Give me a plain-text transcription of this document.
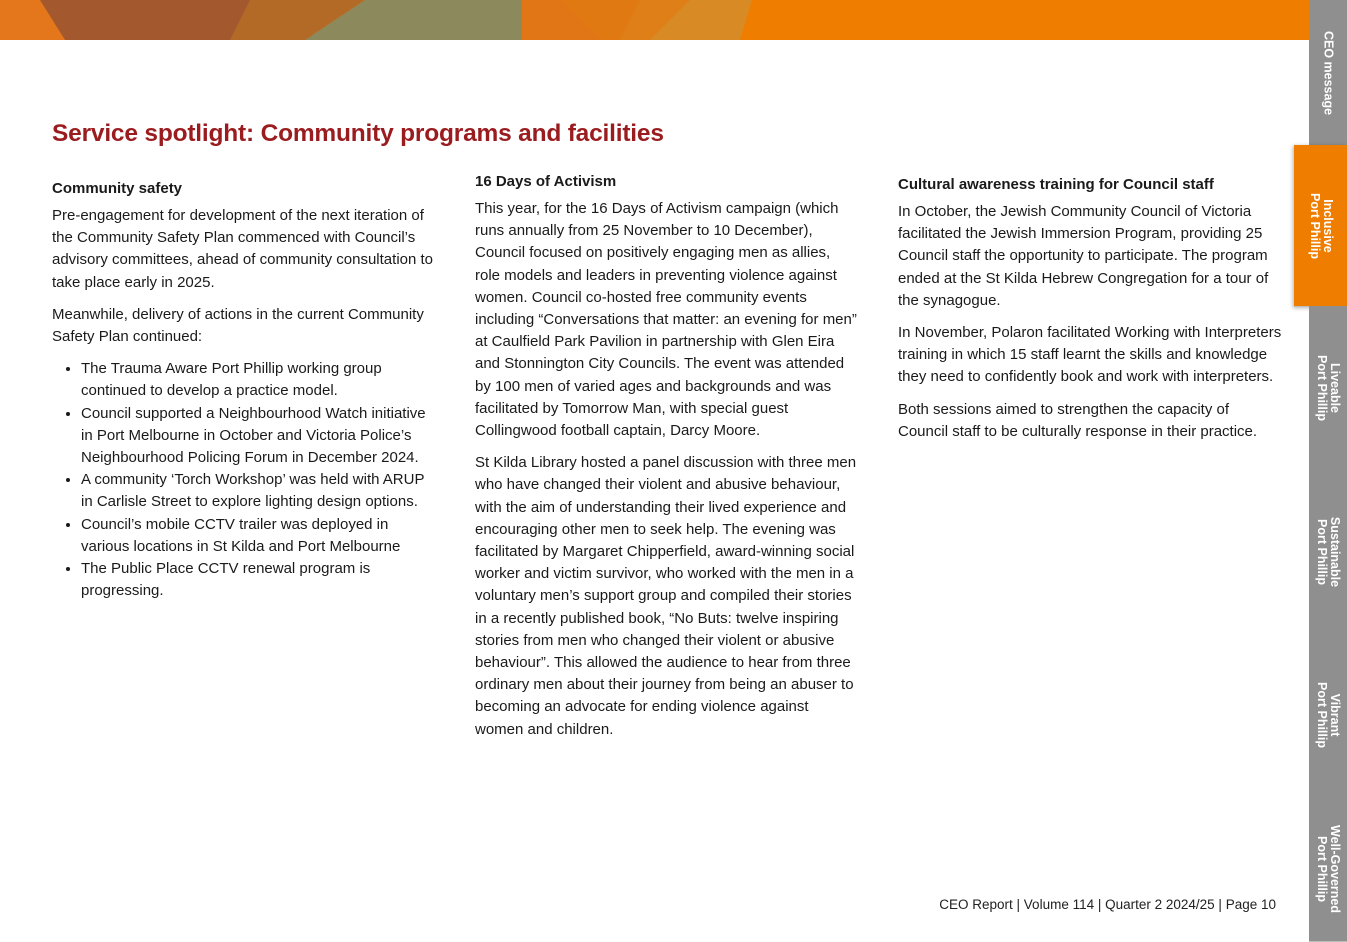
Service spotlight: Community programs and facilities
Community safety

Pre-engagement for development of the next iteration of the Community Safety Plan commenced with Council’s advisory committees, ahead of community consultation to take place early in 2025.

Meanwhile, delivery of actions in the current Community Safety Plan continued:

• The Trauma Aware Port Phillip working group continued to develop a practice model.
• Council supported a Neighbourhood Watch initiative in Port Melbourne in October and Victoria Police’s Neighbourhood Policing Forum in December 2024.
• A community ‘Torch Workshop’ was held with ARUP in Carlisle Street to explore lighting design options.
• Council’s mobile CCTV trailer was deployed in various locations in St Kilda and Port Melbourne
• The Public Place CCTV renewal program is progressing.
16 Days of Activism

This year, for the 16 Days of Activism campaign (which runs annually from 25 November to 10 December), Council focused on positively engaging men as allies, role models and leaders in preventing violence against women. Council co-hosted free community events including “Conversations that matter: an evening for men” at Caulfield Park Pavilion in partnership with Glen Eira and Stonnington City Councils. The event was attended by 100 men of varied ages and backgrounds and was facilitated by Tomorrow Man, with special guest Collingwood football captain, Darcy Moore.

St Kilda Library hosted a panel discussion with three men who have changed their violent and abusive behaviour, with the aim of understanding their lived experience and encouraging other men to seek help. The evening was facilitated by Margaret Chipperfield, award-winning social worker and victim survivor, who worked with the men in a voluntary men’s support group and compiled their stories in a recently published book, “No Buts: twelve inspiring stories from men who changed their violent or abusive behaviour”. This allowed the audience to hear from three ordinary men about their journey from being an abuser to becoming an advocate for ending violence against women and children.

Cultural awareness training for Council staff

In October, the Jewish Community Council of Victoria facilitated the Jewish Immersion Program, providing 25 Council staff the opportunity to participate. The program ended at the St Kilda Hebrew Congregation for a tour of the synagogue.

In November, Polaron facilitated Working with Interpreters training in which 15 staff learnt the skills and knowledge they need to confidently book and work with interpreters.

Both sessions aimed to strengthen the capacity of Council staff to be culturally response in their practice.

CEO Report | Volume 114 | Quarter 2 2024/25 | Page 10
CEO message
Inclusive
Port Phillip
Liveable
Port Phillip
Sustainable
Port Phillip
Vibrant
Port Phillip
Well-Governed
Port Phillip
